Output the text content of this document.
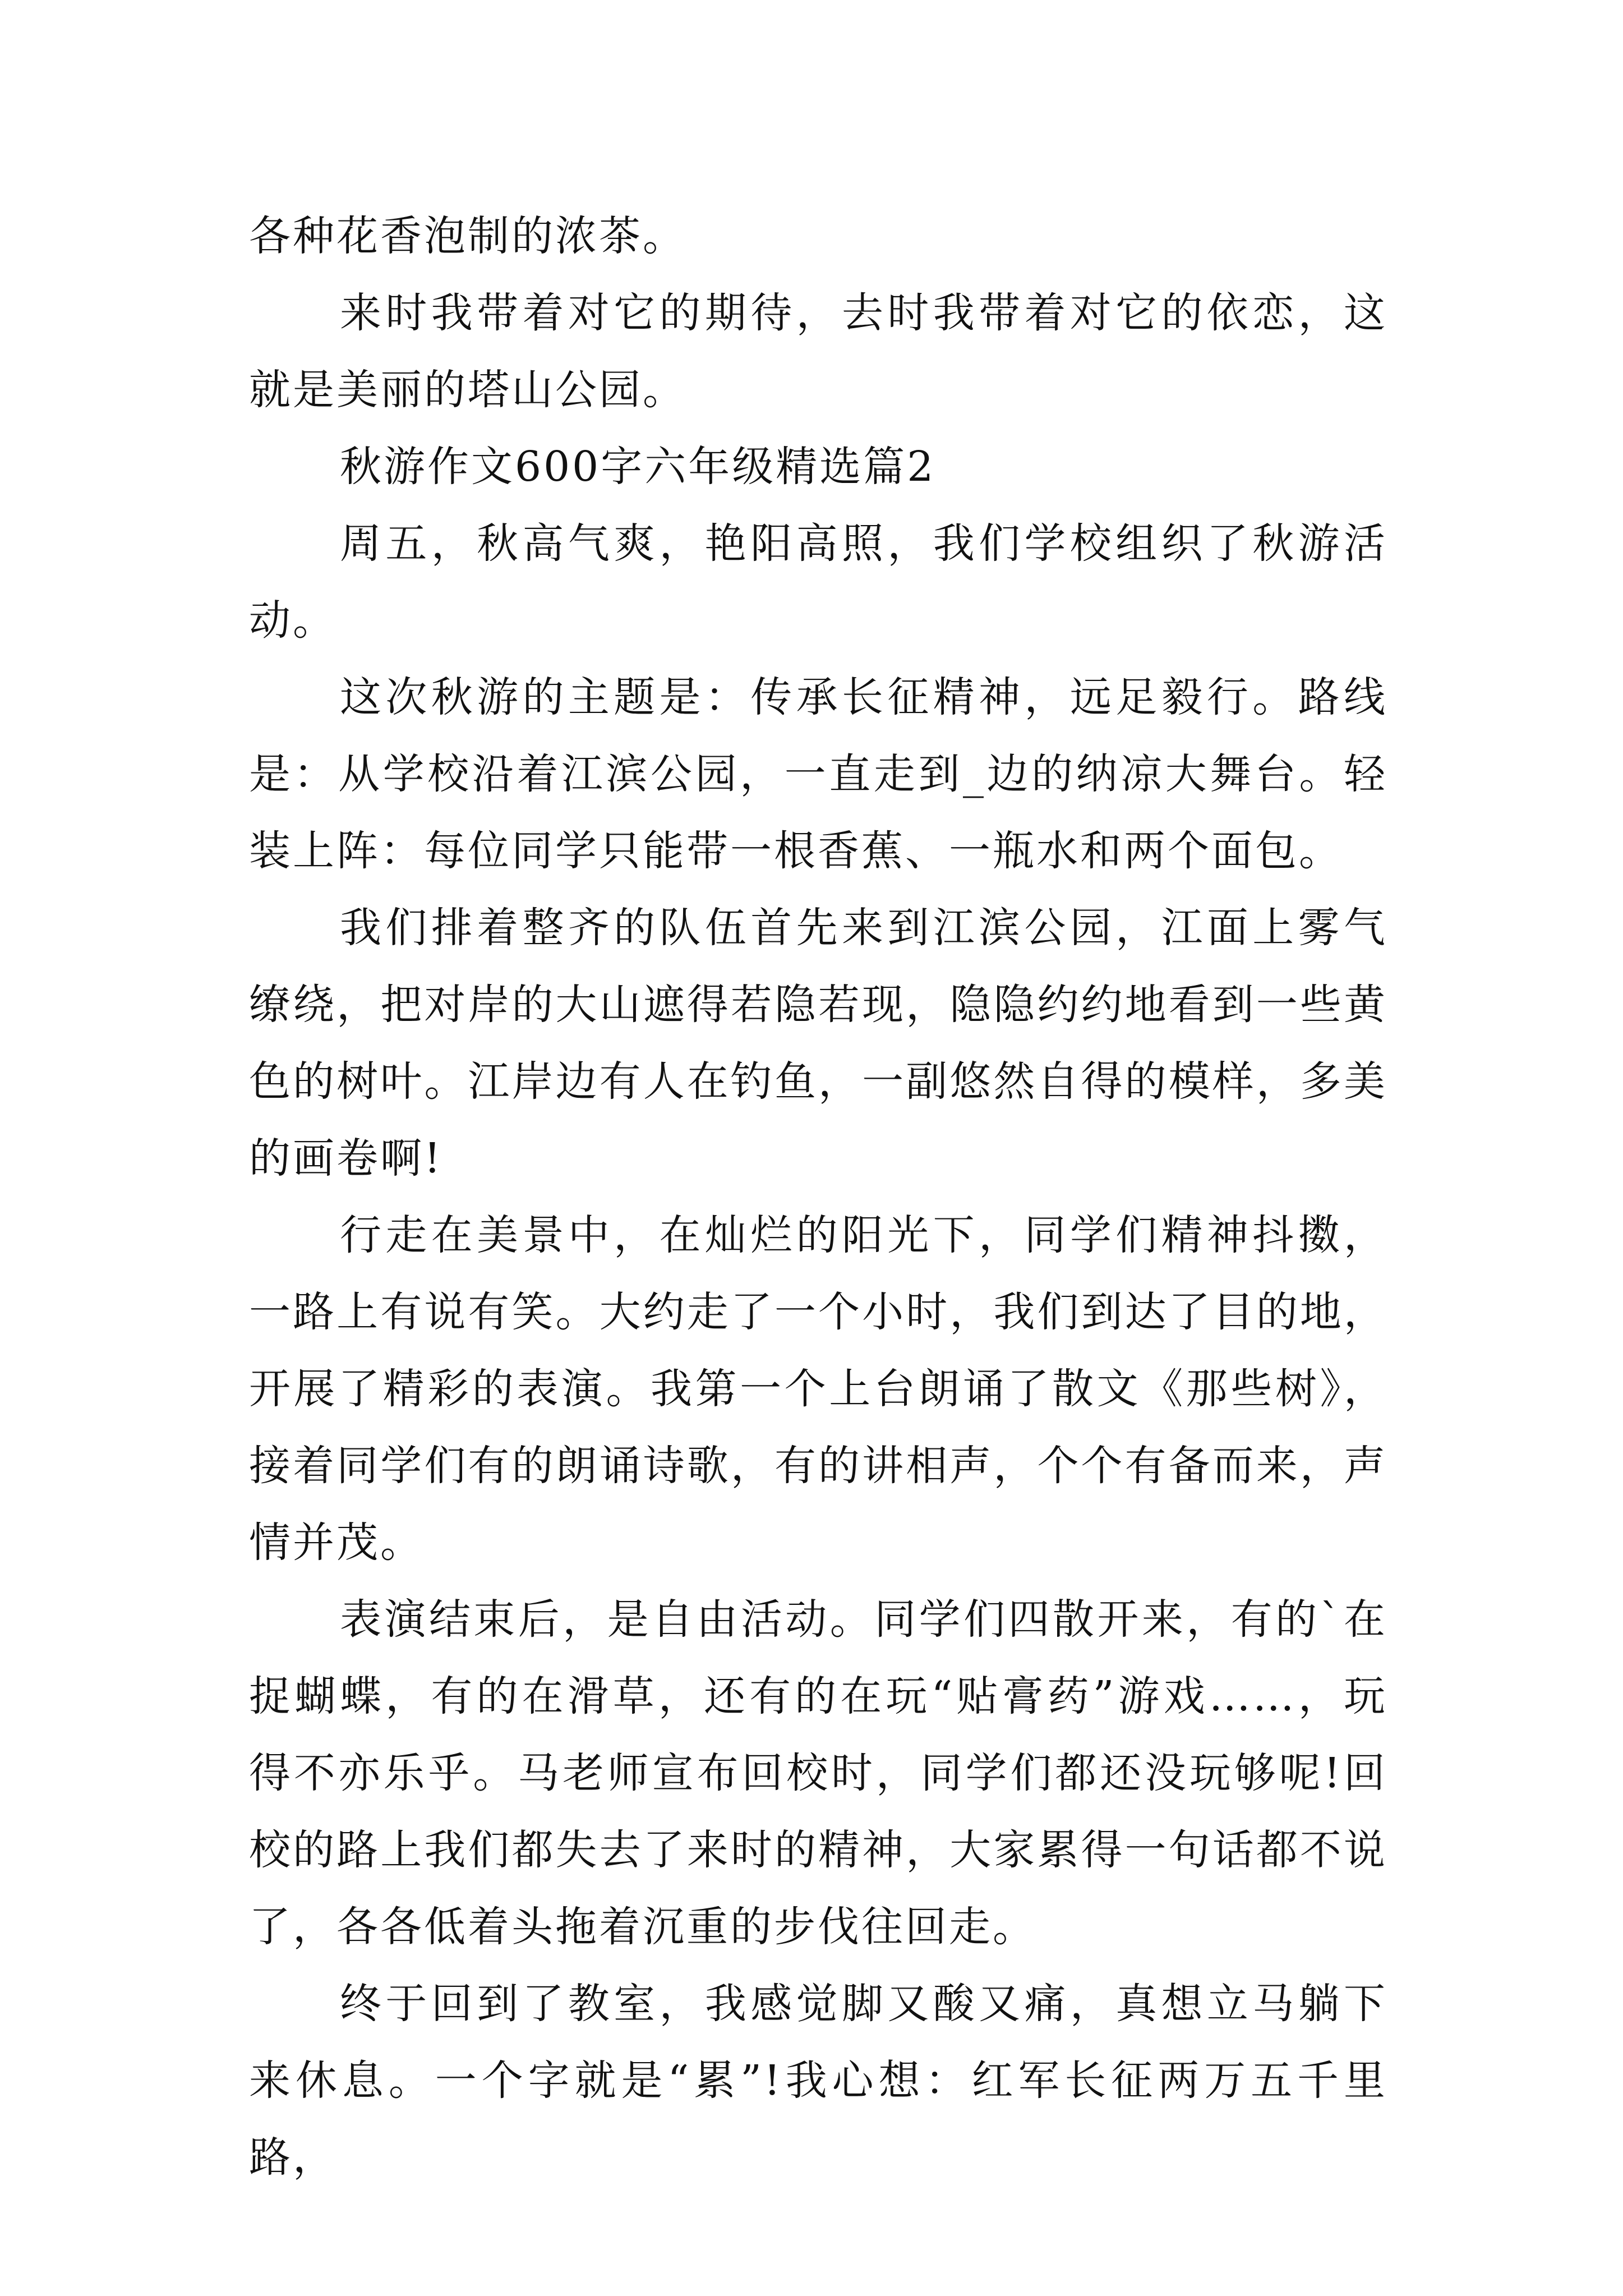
各种花香泡制的浓茶。

来时我带着对它的期待，去时我带着对它的依恋，这就是美丽的塔山公园。

秋游作文600字六年级精选篇2

周五，秋高气爽，艳阳高照，我们学校组织了秋游活动。

这次秋游的主题是：传承长征精神，远足毅行。路线是：从学校沿着江滨公园，一直走到_边的纳凉大舞台。轻装上阵：每位同学只能带一根香蕉、一瓶水和两个面包。

我们排着整齐的队伍首先来到江滨公园，江面上雾气缭绕，把对岸的大山遮得若隐若现，隐隐约约地看到一些黄色的树叶。江岸边有人在钓鱼，一副悠然自得的模样，多美的画卷啊!

行走在美景中，在灿烂的阳光下，同学们精神抖擞，一路上有说有笑。大约走了一个小时，我们到达了目的地，开展了精彩的表演。我第一个上台朗诵了散文《那些树》，接着同学们有的朗诵诗歌，有的讲相声，个个有备而来，声情并茂。

表演结束后，是自由活动。同学们四散开来，有的`在捉蝴蝶，有的在滑草，还有的在玩“贴膏药”游戏……，玩得不亦乐乎。马老师宣布回校时，同学们都还没玩够呢!回校的路上我们都失去了来时的精神，大家累得一句话都不说了，各各低着头拖着沉重的步伐往回走。

终于回到了教室，我感觉脚又酸又痛，真想立马躺下来休息。一个字就是“累”!我心想：红军长征两万五千里路，
